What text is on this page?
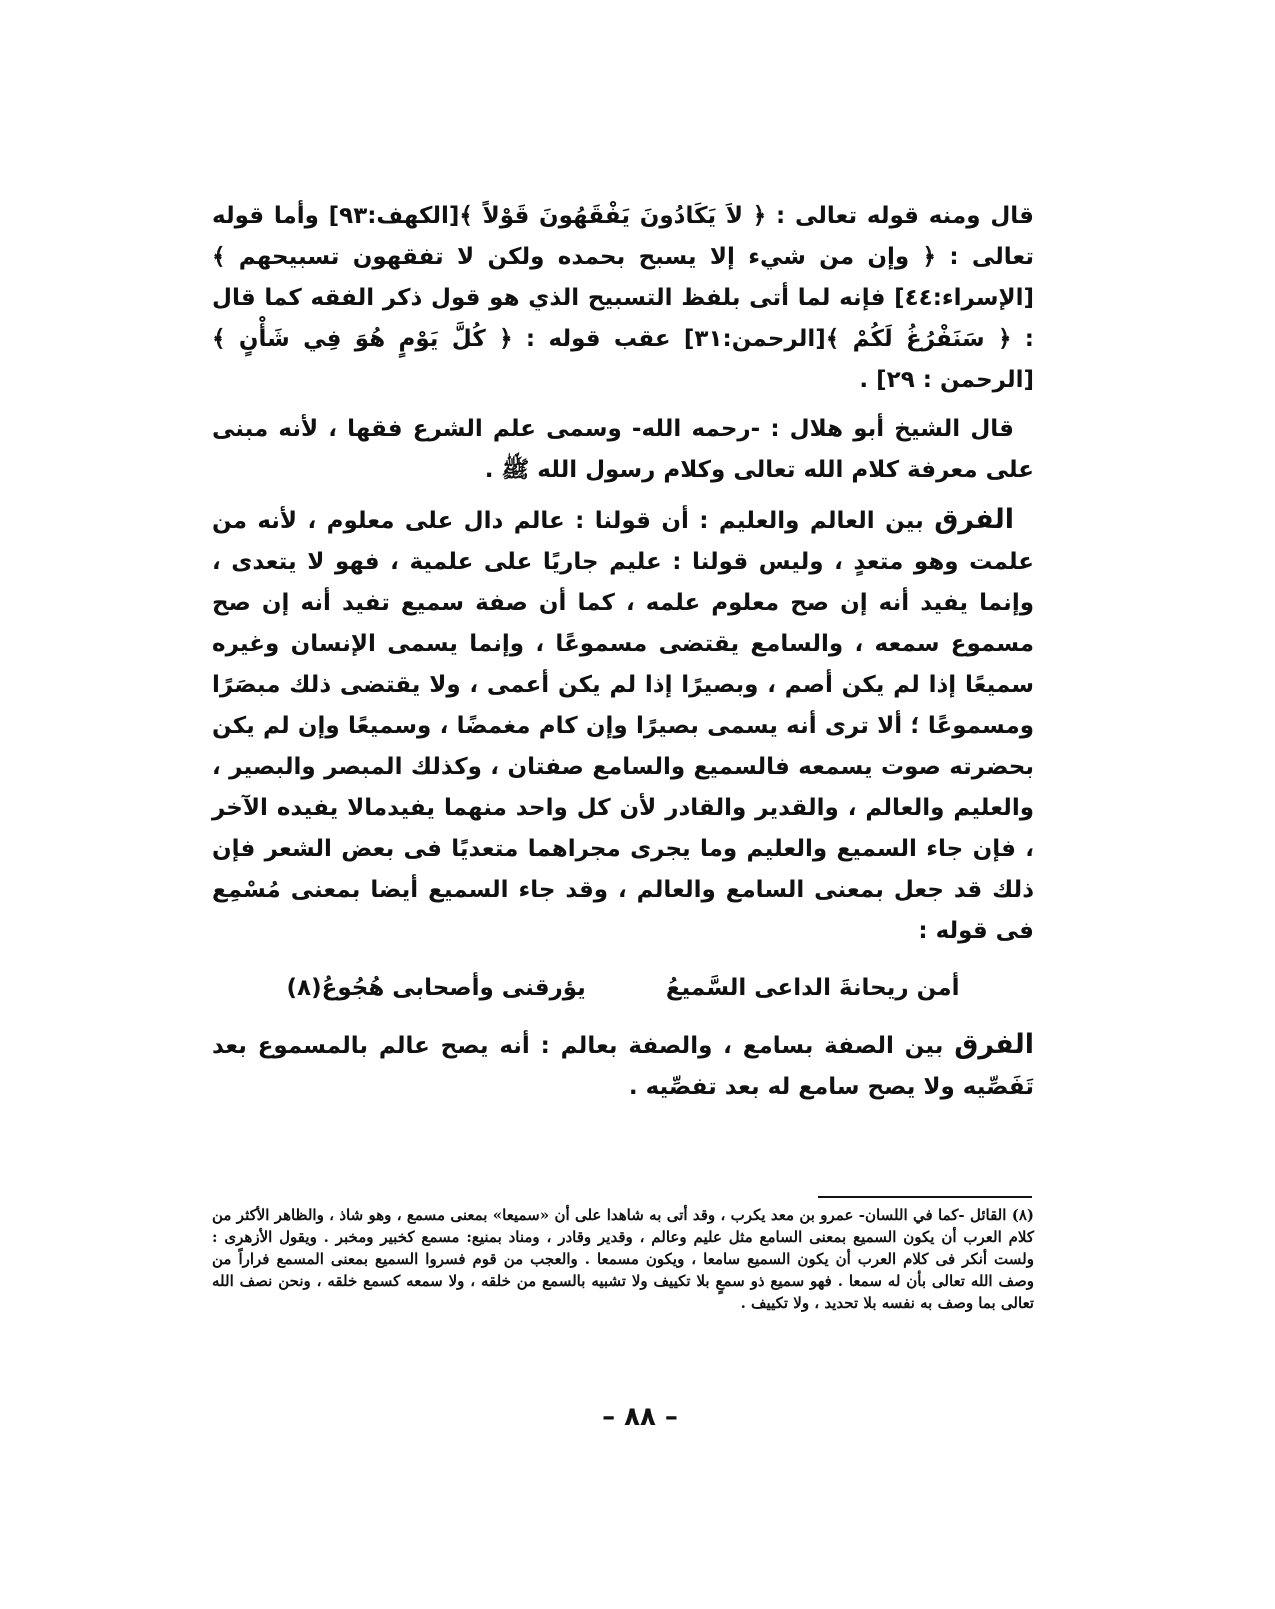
قال ومنه قوله تعالى : ﴿ لاَ يَكَادُونَ يَفْقَهُونَ قَوْلاً ﴾[الكهف:٩٣] وأما قوله تعالى : ﴿ وإن من شيء إلا يسبح بحمده ولكن لا تفقهون تسبيحهم ﴾[الإسراء:٤٤] فإنه لما أتى بلفظ التسبيح الذي هو قول ذكر الفقه كما قال : ﴿ سَنَفْرُغُ لَكُمْ ﴾[الرحمن:٣١] عقب قوله : ﴿ كُلَّ يَوْمٍ هُوَ فِي شَأْنٍ ﴾ [الرحمن : ٢٩] .

قال الشيخ أبو هلال : -رحمه الله- وسمى علم الشرع فقها ، لأنه مبنى على معرفة كلام الله تعالى وكلام رسول الله ﷺ .

الفرق بين العالم والعليم : أن قولنا : عالم دال على معلوم ، لأنه من علمت وهو متعدٍ ، وليس قولنا : عليم جاريًا على علمية ، فهو لا يتعدى ، وإنما يفيد أنه إن صح معلوم علمه ، كما أن صفة سميع تفيد أنه إن صح مسموع سمعه ، والسامع يقتضى مسموعًا ، وإنما يسمى الإنسان وغيره سميعًا إذا لم يكن أصم ، وبصيرًا إذا لم يكن أعمى ، ولا يقتضى ذلك مبصَرًا ومسموعًا ؛ ألا ترى أنه يسمى بصيرًا وإن كام مغمضًا ، وسميعًا وإن لم يكن بحضرته صوت يسمعه فالسميع والسامع صفتان ، وكذلك المبصر والبصير ، والعليم والعالم ، والقدير والقادر لأن كل واحد منهما يفيدمالا يفيده الآخر ، فإن جاء السميع والعليم وما يجرى مجراهما متعديًا فى بعض الشعر فإن ذلك قد جعل بمعنى السامع والعالم ، وقد جاء السميع أيضا بمعنى مُسْمِع فى قوله :

أمن ريحانةَ الداعى السَّميعُ
يؤرقنى وأصحابى هُجُوعُ(٨)

الفرق بين الصفة بسامع ، والصفة بعالم : أنه يصح عالم بالمسموع بعد تَفَصِّيه ولا يصح سامع له بعد تفصِّيه .

(٨) القائل -كما في اللسان- عمرو بن معد يكرب ، وقد أتى به شاهدا على أن «سميعا» بمعنى مسمع ، وهو شاذ ، والظاهر الأكثر من كلام العرب أن يكون السميع بمعنى السامع مثل عليم وعالم ، وقدير وقادر ، ومناد بمنيع: مسمع كخبير ومخبر . ويقول الأزهرى : ولست أنكر فى كلام العرب أن يكون السميع سامعا ، ويكون مسمعا . والعجب من قوم فسروا السميع بمعنى المسمع فراراً من وصف الله تعالى بأن له سمعا . فهو سميع ذو سمعٍ بلا تكييف ولا تشبيه بالسمع من خلقه ، ولا سمعه كسمع خلقه ، ونحن نصف الله تعالى بما وصف به نفسه بلا تحديد ، ولا تكييف .
– ٨٨ –
